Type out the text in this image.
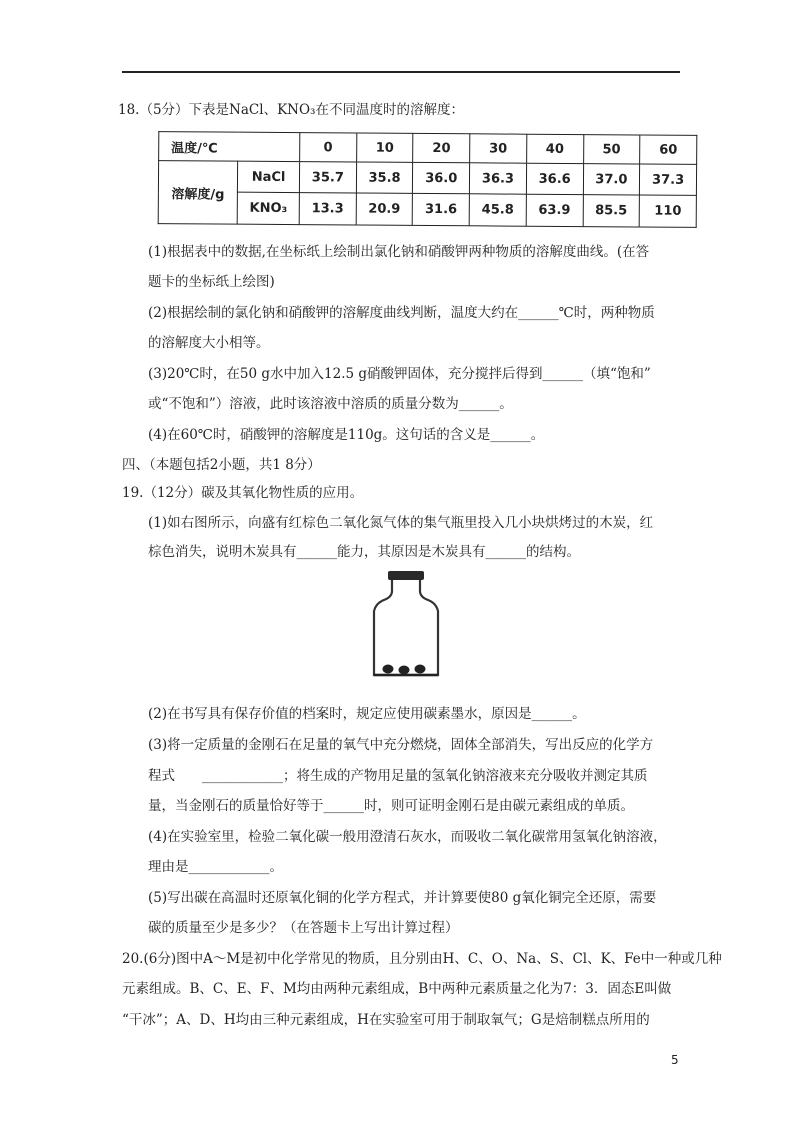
18.（5分）下表是NaCl、KNO₃在不同温度时的溶解度：
温度/℃		0	10	20	30	40	50	60
溶解度/g	NaCl	35.7	35.8	36.0	36.3	36.6	37.0	37.3
	KNO₃	13.3	20.9	31.6	45.8	63.9	85.5	110
(1)根据表中的数据,在坐标纸上绘制出氯化钠和硝酸钾两种物质的溶解度曲线。(在答
题卡的坐标纸上绘图)
(2)根据绘制的氯化钠和硝酸钾的溶解度曲线判断，温度大约在______℃时，两种物质
的溶解度大小相等。
(3)20℃时，在50 g水中加入12.5 g硝酸钾固体，充分搅拌后得到______（填“饱和”
或“不饱和”）溶液，此时该溶液中溶质的质量分数为______。
(4)在60℃时，硝酸钾的溶解度是110g。这句话的含义是______。
四、（本题包括2小题，共1 8分）
19.（12分）碳及其氧化物性质的应用。
(1)如右图所示，向盛有红棕色二氧化氮气体的集气瓶里投入几小块烘烤过的木炭，红
棕色消失，说明木炭具有______能力，其原因是木炭具有______的结构。
(2)在书写具有保存价值的档案时，规定应使用碳素墨水，原因是______。
(3)将一定质量的金刚石在足量的氧气中充分燃烧，固体全部消失，写出反应的化学方
程式　　____________；将生成的产物用足量的氢氧化钠溶液来充分吸收并测定其质
量，当金刚石的质量恰好等于______时，则可证明金刚石是由碳元素组成的单质。
(4)在实验室里，检验二氧化碳一般用澄清石灰水，而吸收二氧化碳常用氢氧化钠溶液，
理由是____________。
(5)写出碳在高温时还原氧化铜的化学方程式，并计算要使80 g氧化铜完全还原，需要
碳的质量至少是多少？（在答题卡上写出计算过程）
20.(6分)图中A～M是初中化学常见的物质，且分别由H、C、O、Na、S、Cl、K、Fe中一种或几种
元素组成。B、C、E、F、M均由两种元素组成，B中两种元素质量之化为7：3．固态E叫做
“干冰”；A、D、H均由三种元素组成，H在实验室可用于制取氧气；G是焙制糕点所用的
5
